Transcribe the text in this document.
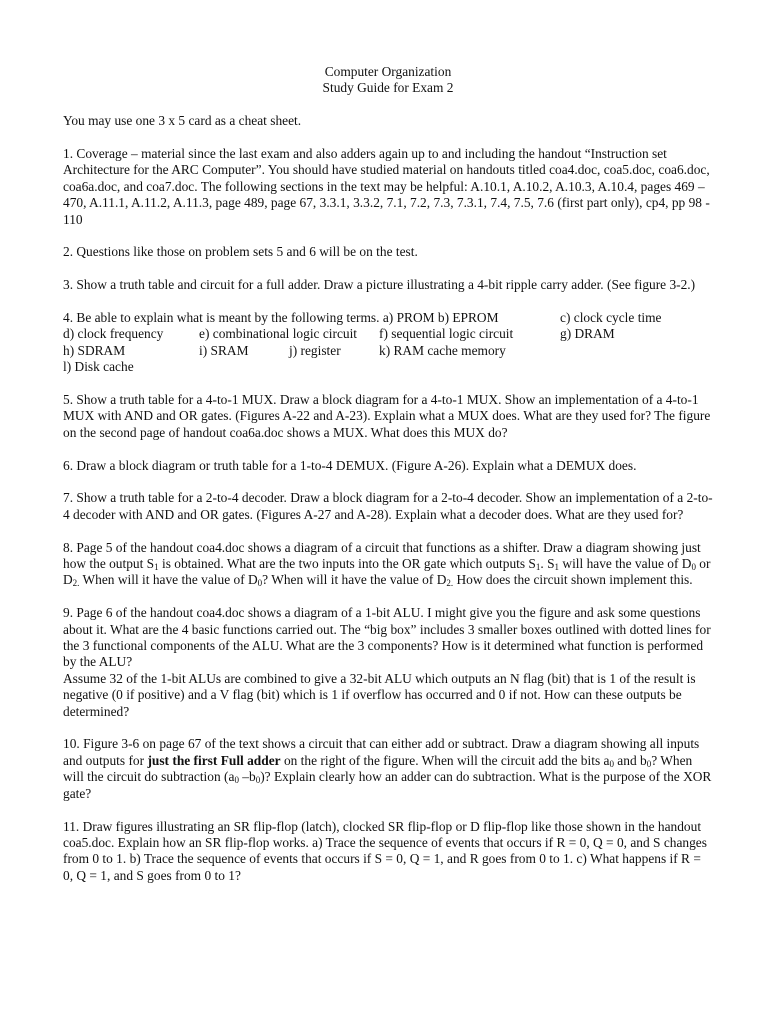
Computer Organization
Study Guide for Exam 2

You may use one 3 x 5 card as a cheat sheet.

1. Coverage – material since the last exam and also adders again up to and including the handout “Instruction set Architecture for the ARC Computer”. You should have studied material on handouts titled coa4.doc, coa5.doc, coa6.doc, coa6a.doc, and coa7.doc. The following sections in the text may be helpful: A.10.1, A.10.2, A.10.3, A.10.4, pages 469 – 470, A.11.1, A.11.2, A.11.3, page 489, page 67, 3.3.1, 3.3.2, 7.1, 7.2, 7.3, 7.3.1, 7.4, 7.5, 7.6 (first part only), cp4, pp 98 - 110

2. Questions like those on problem sets 5 and 6 will be on the test.

3. Show a truth table and circuit for a full adder. Draw a picture illustrating a 4-bit ripple carry adder. (See figure 3-2.)

4. Be able to explain what is meant by the following terms. a) PROM b) EPROM	c) clock cycle time
d) clock frequency	e) combinational logic circuit	f) sequential logic circuit	g) DRAM
h) SDRAM	i) SRAM	j) register	k) RAM cache memory
l) Disk cache

5. Show a truth table for a 4-to-1 MUX. Draw a block diagram for a 4-to-1 MUX. Show an implementation of a 4-to-1 MUX with AND and OR gates. (Figures A-22 and A-23). Explain what a MUX does. What are they used for? The figure on the second page of handout coa6a.doc shows a MUX. What does this MUX do?

6. Draw a block diagram or truth table for a 1-to-4 DEMUX. (Figure A-26). Explain what a DEMUX does.

7. Show a truth table for a 2-to-4 decoder. Draw a block diagram for a 2-to-4 decoder. Show an implementation of a 2-to-4 decoder with AND and OR gates. (Figures A-27 and A-28). Explain what a decoder does. What are they used for?

8. Page 5 of the handout coa4.doc shows a diagram of a circuit that functions as a shifter. Draw a diagram showing just how the output $S_1$ is obtained. What are the two inputs into the OR gate which outputs $S_1$. $S_1$ will have the value of $D_0$ or $D_{2.}$ When will it have the value of $D_0$? When will it have the value of $D_{2.}$ How does the circuit shown implement this.

9. Page 6 of the handout coa4.doc shows a diagram of a 1-bit ALU. I might give you the figure and ask some questions about it. What are the 4 basic functions carried out. The “big box” includes 3 smaller boxes outlined with dotted lines for the 3 functional components of the ALU. What are the 3 components? How is it determined what function is performed by the ALU?

Assume 32 of the 1-bit ALUs are combined to give a 32-bit ALU which outputs an N flag (bit) that is 1 of the result is negative (0 if positive) and a V flag (bit) which is 1 if overflow has occurred and 0 if not. How can these outputs be determined?

10. Figure 3-6 on page 67 of the text shows a circuit that can either add or subtract. Draw a diagram showing all inputs and outputs for just the first Full adder on the right of the figure. When will the circuit add the bits $a_0$ and $b_0$? When will the circuit do subtraction ($a_0$ $-b_0$)? Explain clearly how an adder can do subtraction. What is the purpose of the XOR gate?

11. Draw figures illustrating an SR flip-flop (latch), clocked SR flip-flop or D flip-flop like those shown in the handout coa5.doc. Explain how an SR flip-flop works. a) Trace the sequence of events that occurs if R = 0, Q = 0, and S changes from 0 to 1. b) Trace the sequence of events that occurs if S = 0, Q = 1, and R goes from 0 to 1. c) What happens if R = 0, Q = 1, and S goes from 0 to 1?
